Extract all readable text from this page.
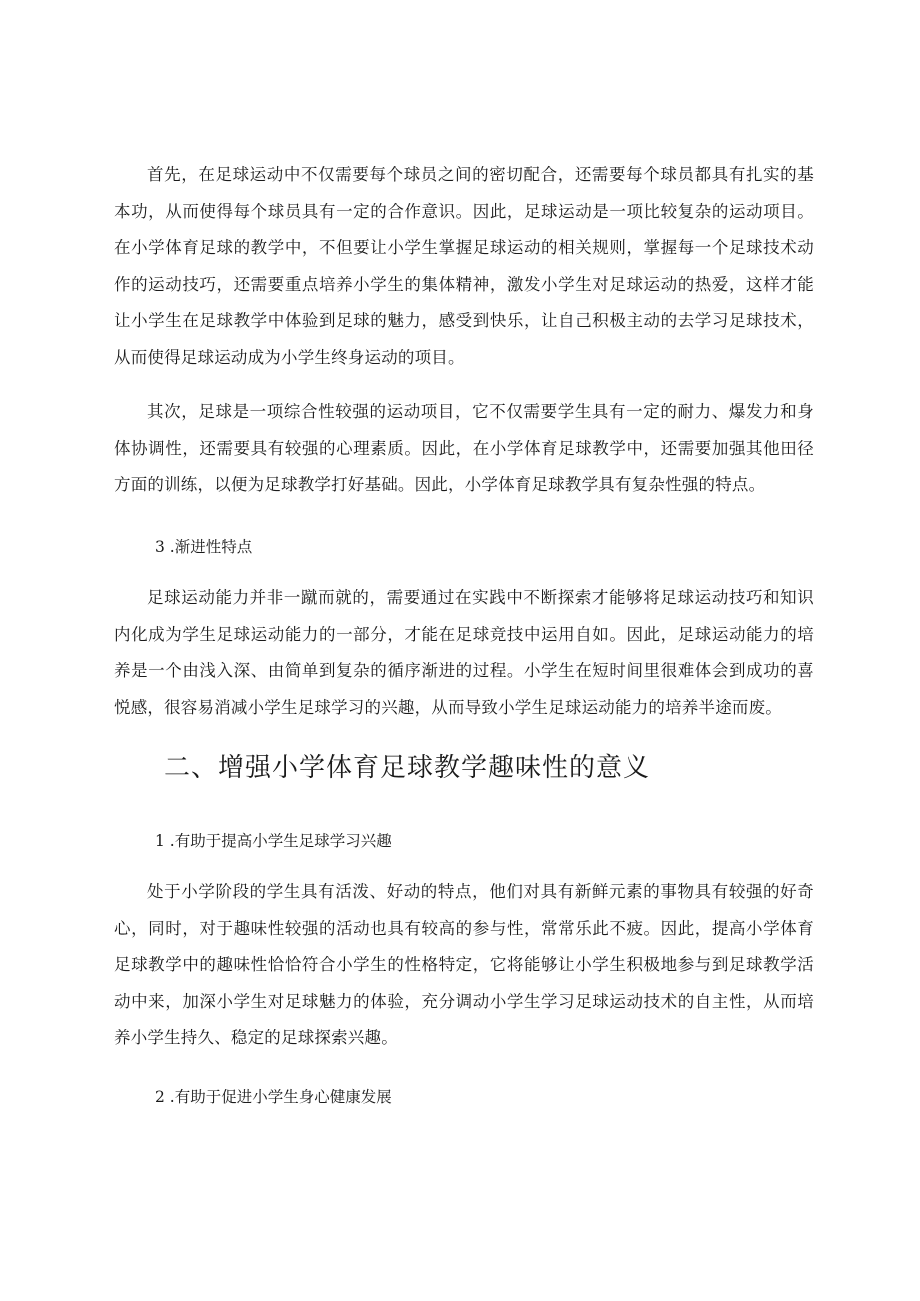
首先，在足球运动中不仅需要每个球员之间的密切配合，还需要每个球员都具有扎实的基本功，从而使得每个球员具有一定的合作意识。因此，足球运动是一项比较复杂的运动项目。在小学体育足球的教学中，不但要让小学生掌握足球运动的相关规则，掌握每一个足球技术动作的运动技巧，还需要重点培养小学生的集体精神，激发小学生对足球运动的热爱，这样才能让小学生在足球教学中体验到足球的魅力，感受到快乐，让自己积极主动的去学习足球技术，从而使得足球运动成为小学生终身运动的项目。

其次，足球是一项综合性较强的运动项目，它不仅需要学生具有一定的耐力、爆发力和身体协调性，还需要具有较强的心理素质。因此，在小学体育足球教学中，还需要加强其他田径方面的训练，以便为足球教学打好基础。因此，小学体育足球教学具有复杂性强的特点。

3 .渐进性特点

足球运动能力并非一蹴而就的，需要通过在实践中不断探索才能够将足球运动技巧和知识内化成为学生足球运动能力的一部分，才能在足球竞技中运用自如。因此，足球运动能力的培养是一个由浅入深、由简单到复杂的循序渐进的过程。小学生在短时间里很难体会到成功的喜悦感，很容易消减小学生足球学习的兴趣，从而导致小学生足球运动能力的培养半途而废。

二、增强小学体育足球教学趣味性的意义
1 .有助于提高小学生足球学习兴趣

处于小学阶段的学生具有活泼、好动的特点，他们对具有新鲜元素的事物具有较强的好奇心，同时，对于趣味性较强的活动也具有较高的参与性，常常乐此不疲。因此，提高小学体育足球教学中的趣味性恰恰符合小学生的性格特定，它将能够让小学生积极地参与到足球教学活动中来，加深小学生对足球魅力的体验，充分调动小学生学习足球运动技术的自主性，从而培养小学生持久、稳定的足球探索兴趣。

2 .有助于促进小学生身心健康发展
